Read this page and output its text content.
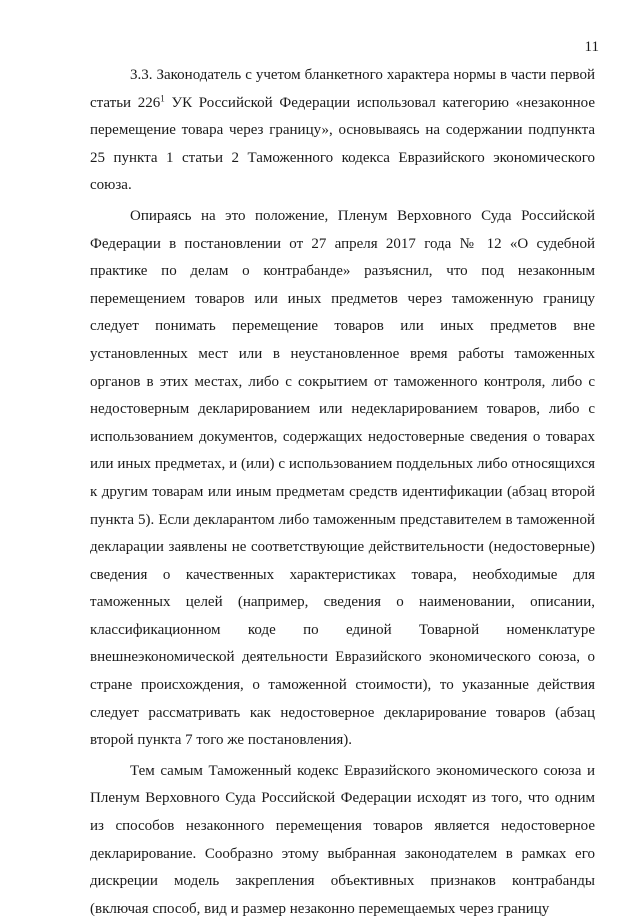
11

3.3. Законодатель с учетом бланкетного характера нормы в части первой статьи $226^1$ УК Российской Федерации использовал категорию «незаконное перемещение товара через границу», основываясь на содержании подпункта 25 пункта 1 статьи 2 Таможенного кодекса Евразийского экономического союза.

Опираясь на это положение, Пленум Верховного Суда Российской Федерации в постановлении от 27 апреля 2017 года № 12 «О судебной практике по делам о контрабанде» разъяснил, что под незаконным перемещением товаров или иных предметов через таможенную границу следует понимать перемещение товаров или иных предметов вне установленных мест или в неустановленное время работы таможенных органов в этих местах, либо с сокрытием от таможенного контроля, либо с недостоверным декларированием или недекларированием товаров, либо с использованием документов, содержащих недостоверные сведения о товарах или иных предметах, и (или) с использованием поддельных либо относящихся к другим товарам или иным предметам средств идентификации (абзац второй пункта 5). Если декларантом либо таможенным представителем в таможенной декларации заявлены не соответствующие действительности (недостоверные) сведения о качественных характеристиках товара, необходимые для таможенных целей (например, сведения о наименовании, описании, классификационном коде по единой Товарной номенклатуре внешнеэкономической деятельности Евразийского экономического союза, о стране происхождения, о таможенной стоимости), то указанные действия следует рассматривать как недостоверное декларирование товаров (абзац второй пункта 7 того же постановления).

Тем самым Таможенный кодекс Евразийского экономического союза и Пленум Верховного Суда Российской Федерации исходят из того, что одним из способов незаконного перемещения товаров является недостоверное декларирование. Сообразно этому выбранная законодателем в рамках его дискреции модель закрепления объективных признаков контрабанды (включая способ, вид и размер незаконно перемещаемых через границу
